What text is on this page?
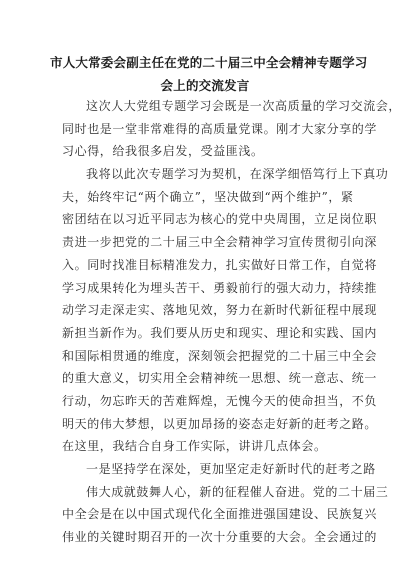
市人大常委会副主任在党的二十届三中全会精神专题学习
会上的交流发言
这次人大党组专题学习会既是一次高质量的学习交流会，
同时也是一堂非常难得的高质量党课。刚才大家分享的学
习心得，给我很多启发，受益匪浅。
我将以此次专题学习为契机，在深学细悟笃行上下真功
夫，始终牢记“两个确立”，坚决做到“两个维护”，紧
密团结在以习近平同志为核心的党中央周围，立足岗位职
责进一步把党的二十届三中全会精神学习宣传贯彻引向深
入。同时找准目标精准发力，扎实做好日常工作，自觉将
学习成果转化为埋头苦干、勇毅前行的强大动力，持续推
动学习走深走实、落地见效，努力在新时代新征程中展现
新担当新作为。我们要从历史和现实、理论和实践、国内
和国际相贯通的维度，深刻领会把握党的二十届三中全会
的重大意义，切实用全会精神统一思想、统一意志、统一
行动，勿忘昨天的苦难辉煌，无愧今天的使命担当，不负
明天的伟大梦想，以更加昂扬的姿态走好新的赶考之路。
在这里，我结合自身工作实际，讲讲几点体会。
一是坚持学在深处，更加坚定走好新时代的赶考之路
伟大成就鼓舞人心，新的征程催人奋进。党的二十届三
中全会是在以中国式现代化全面推进强国建设、民族复兴
伟业的关键时期召开的一次十分重要的大会。全会通过的
